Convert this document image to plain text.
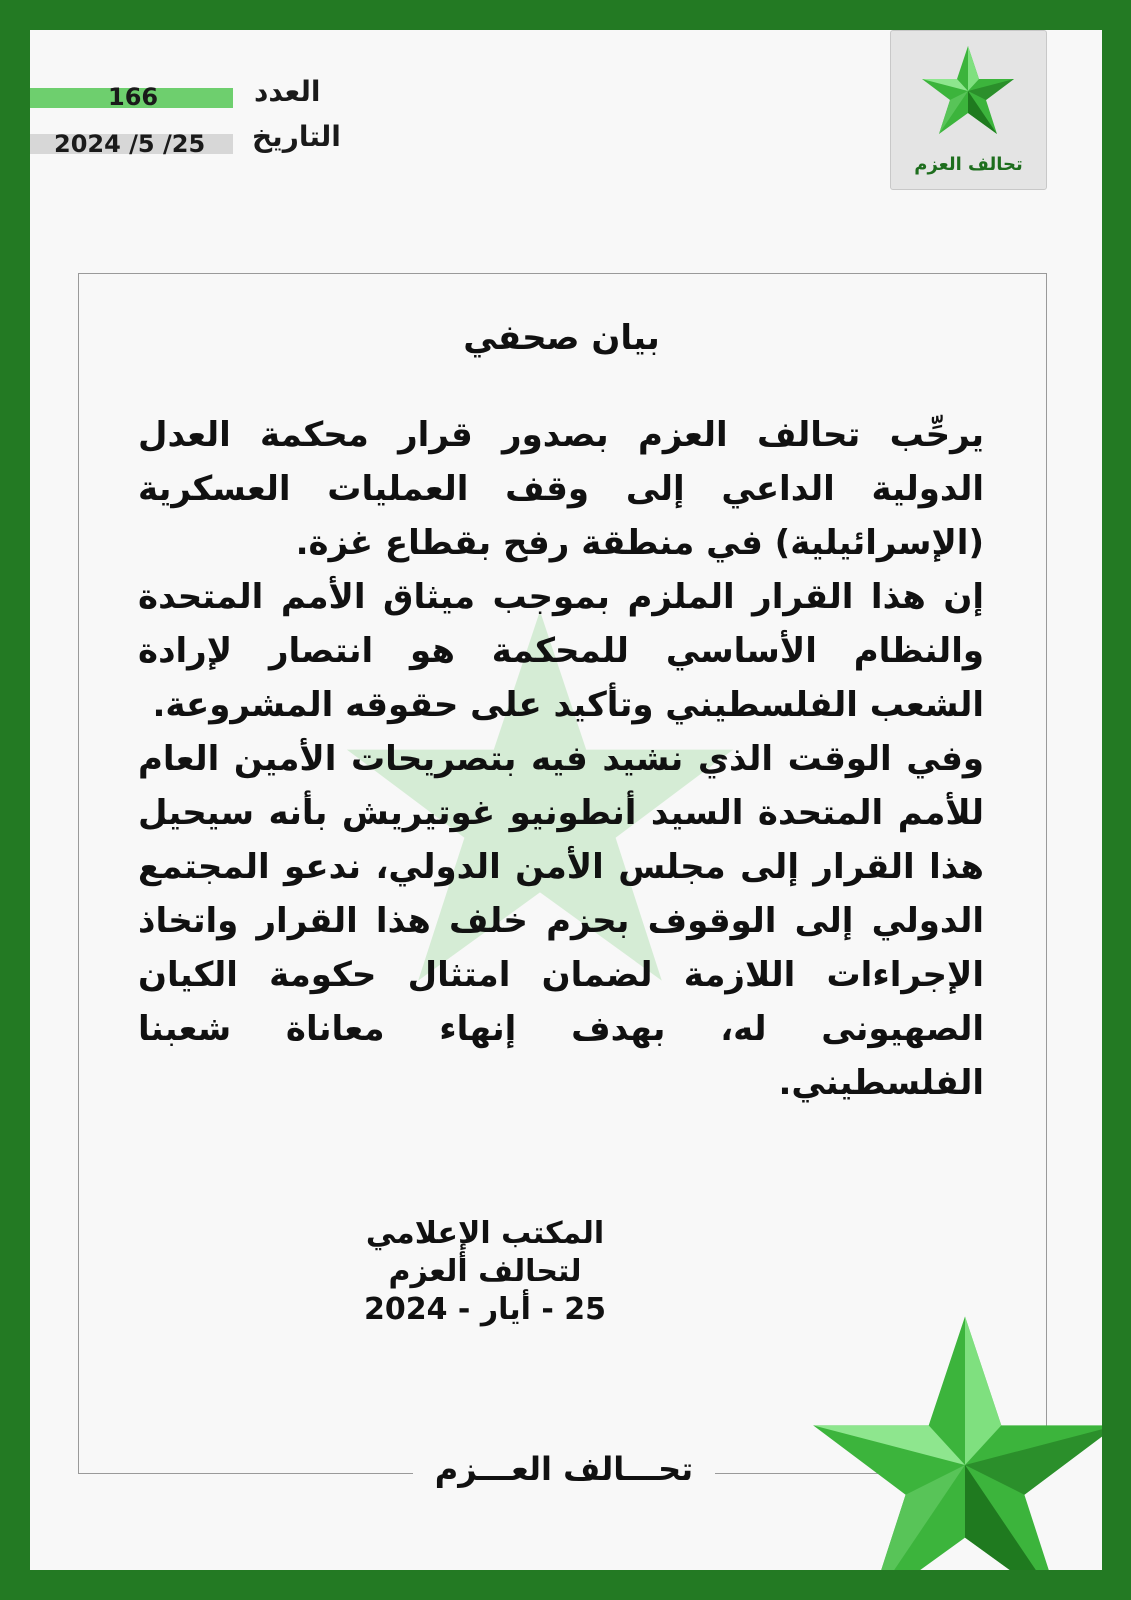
تحالف العزم
166	العدد
2024 /5 /25 التاريخ
بيان صحفي

يرحِّب تحالف العزم بصدور قرار محكمة العدل الدولية الداعي إلى وقف العمليات العسكرية (الإسرائيلية) في منطقة رفح بقطاع غزة.

إن هذا القرار الملزم بموجب ميثاق الأمم المتحدة والنظام الأساسي للمحكمة هو انتصار لإرادة الشعب الفلسطيني وتأكيد على حقوقه المشروعة.

وفي الوقت الذي نشيد فيه بتصريحات الأمين العام للأمم المتحدة السيد أنطونيو غوتيريش بأنه سيحيل هذا القرار إلى مجلس الأمن الدولي، ندعو المجتمع الدولي إلى الوقوف بحزم خلف هذا القرار واتخاذ الإجراءات اللازمة لضمان امتثال حكومة الكيان الصهيونى له، بهدف إنهاء معاناة شعبنا الفلسطيني.

المكتب الإعلامي
لتحالف ألعزم
25 - أيار - 2024
تحـــالف العـــزم
